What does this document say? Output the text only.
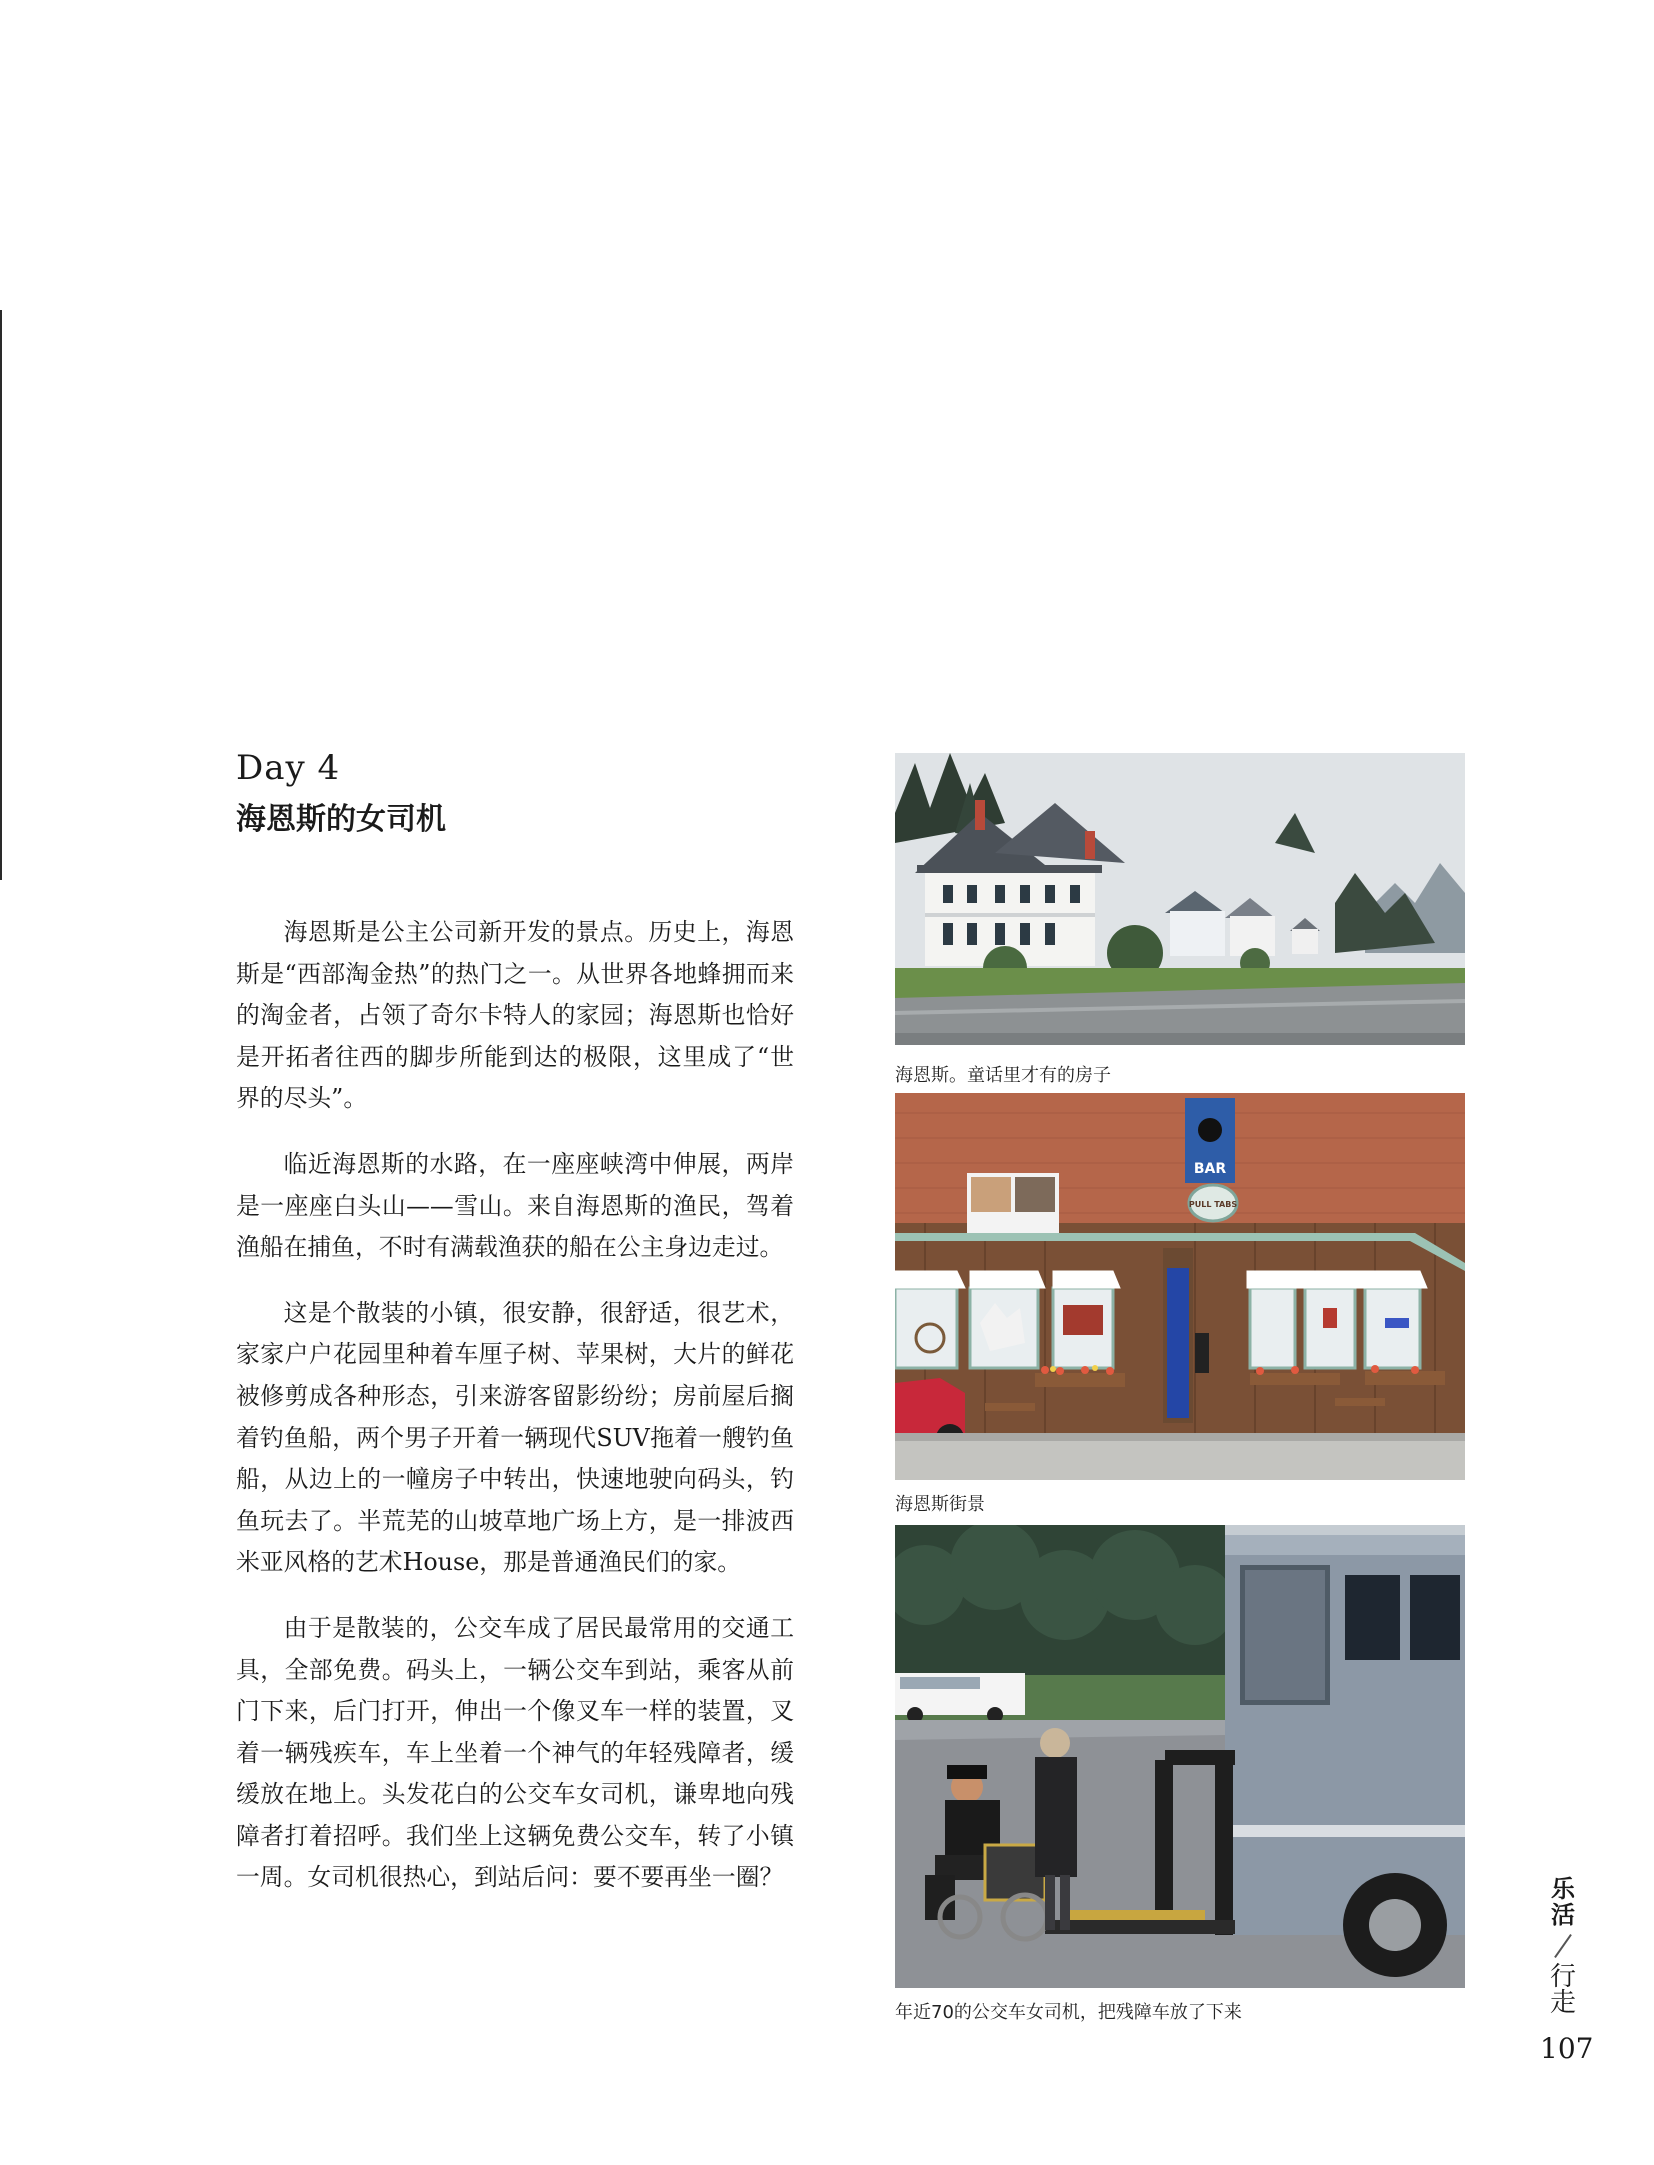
Day 4
海恩斯的女司机

海恩斯是公主公司新开发的景点。历史上，海恩斯是“西部淘金热”的热门之一。从世界各地蜂拥而来的淘金者，占领了奇尔卡特人的家园；海恩斯也恰好是开拓者往西的脚步所能到达的极限，这里成了“世界的尽头”。

临近海恩斯的水路，在一座座峡湾中伸展，两岸是一座座白头山——雪山。来自海恩斯的渔民，驾着渔船在捕鱼，不时有满载渔获的船在公主身边走过。

这是个散装的小镇，很安静，很舒适，很艺术，家家户户花园里种着车厘子树、苹果树，大片的鲜花被修剪成各种形态，引来游客留影纷纷；房前屋后搁着钓鱼船，两个男子开着一辆现代SUV拖着一艘钓鱼船，从边上的一幢房子中转出，快速地驶向码头，钓鱼玩去了。半荒芜的山坡草地广场上方，是一排波西米亚风格的艺术House，那是普通渔民们的家。

由于是散装的，公交车成了居民最常用的交通工具，全部免费。码头上，一辆公交车到站，乘客从前门下来，后门打开，伸出一个像叉车一样的装置，叉着一辆残疾车，车上坐着一个神气的年轻残障者，缓缓放在地上。头发花白的公交车女司机，谦卑地向残障者打着招呼。我们坐上这辆免费公交车，转了小镇一周。女司机很热心，到站后问：要不要再坐一圈？

海恩斯。童话里才有的房子
BAR
PULL TABS
海恩斯街景
年近70的公交车女司机，把残障车放了下来
乐活
行走
107
